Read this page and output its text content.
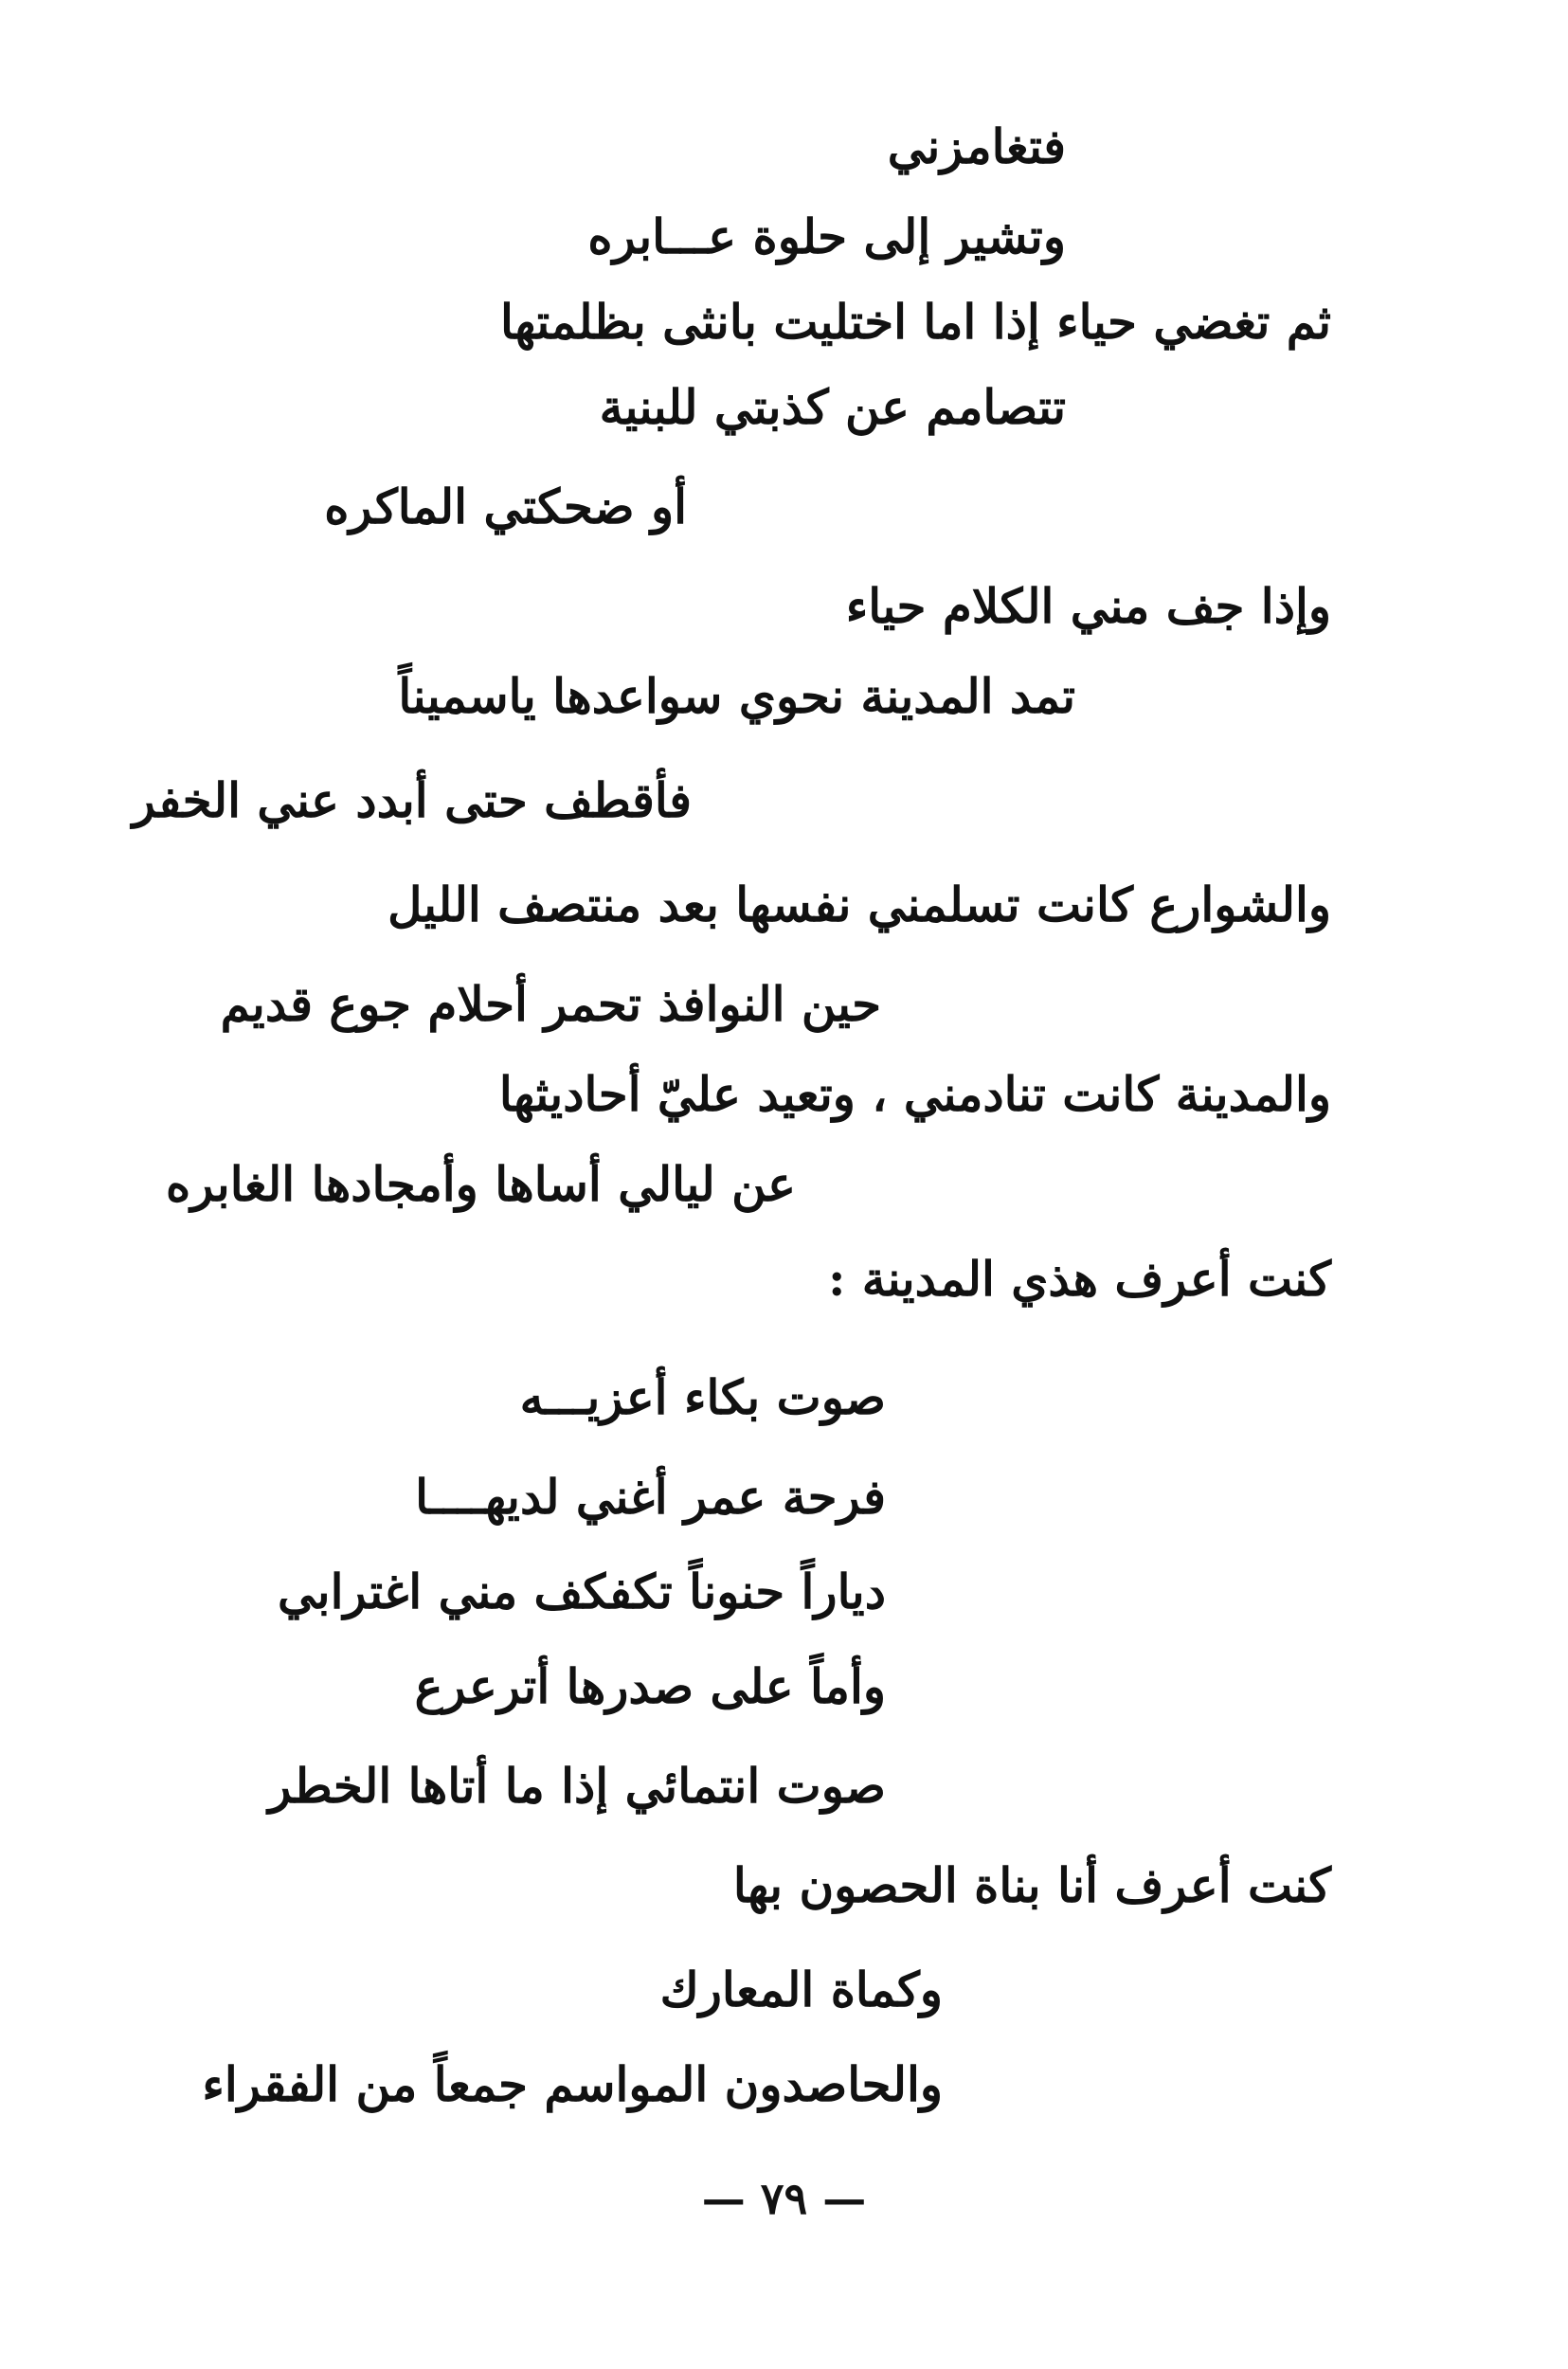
فتغامزني
وتشير إلى حلوة عـــابره
ثم تغضي حياء إذا اما اختليت بانثى بظلمتها
تتصامم عن كذبتي للبنية
أو ضحكتي الماكره
وإذا جف مني الكلام حياء
تمد المدينة نحوي سواعدها ياسميناً
فأقطف حتى أبدد عني الخفر
والشوارع كانت تسلمني نفسها بعد منتصف الليل
حين النوافذ تحمر أحلام جوع قديم
والمدينة كانت تنادمني ، وتعيد عليّ أحاديثها
عن ليالي أساها وأمجادها الغابره
كنت أعرف هذي المدينة :
صوت بكاء أعزيـــه
فرحة عمر أغني لديهــــا
دياراً حنوناً تكفكف مني اغترابي
وأماً على صدرها أترعرع
صوت انتمائي إذا ما أتاها الخطر
كنت أعرف أنا بناة الحصون بها
وكماة المعارك
والحاصدون المواسم جمعاً من الفقراء
— ٧٩ —
